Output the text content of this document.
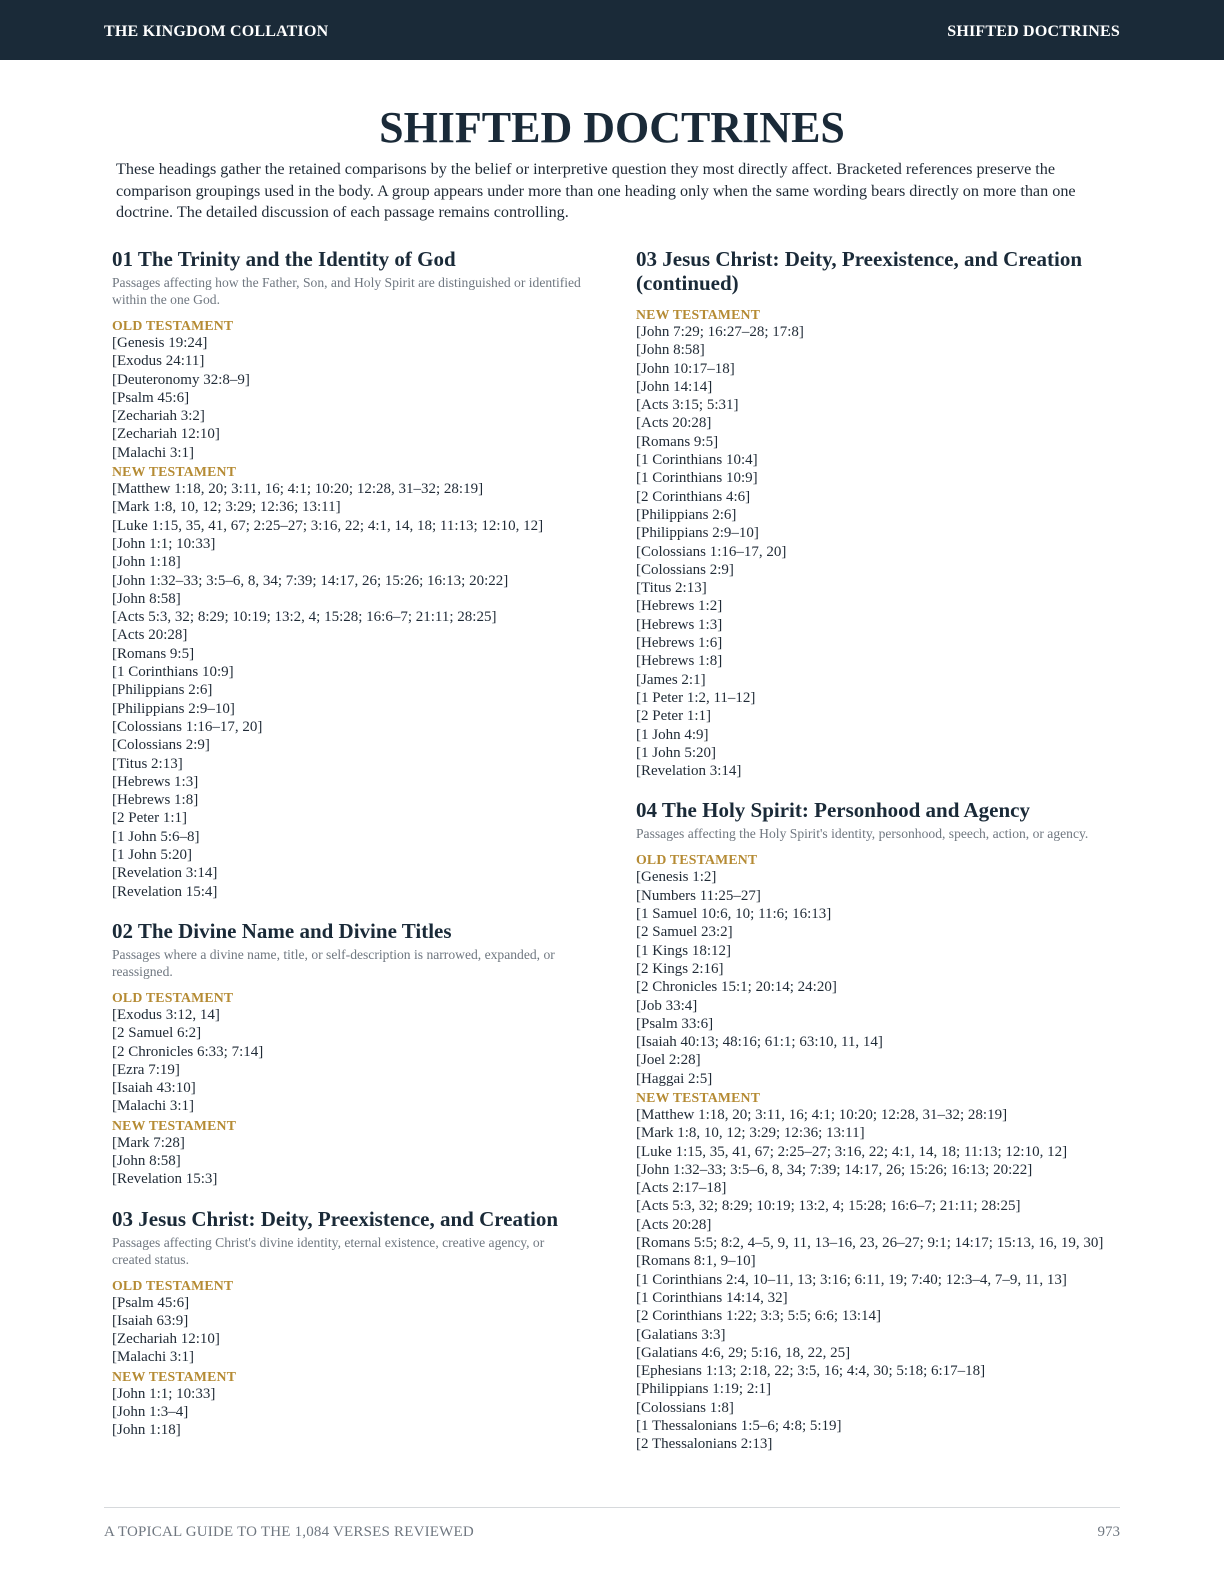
THE KINGDOM COLLATION	SHIFTED DOCTRINES
SHIFTED DOCTRINES

These headings gather the retained comparisons by the belief or interpretive question they most directly affect. Bracketed references preserve the comparison groupings used in the body. A group appears under more than one heading only when the same wording bears directly on more than one doctrine. The detailed discussion of each passage remains controlling.

01 The Trinity and the Identity of God

Passages affecting how the Father, Son, and Holy Spirit are distinguished or identified within the one God.

OLD TESTAMENT
[Genesis 19:24]
[Exodus 24:11]
[Deuteronomy 32:8–9]
[Psalm 45:6]
[Zechariah 3:2]
[Zechariah 12:10]
[Malachi 3:1]
NEW TESTAMENT
[Matthew 1:18, 20; 3:11, 16; 4:1; 10:20; 12:28, 31–32; 28:19]
[Mark 1:8, 10, 12; 3:29; 12:36; 13:11]
[Luke 1:15, 35, 41, 67; 2:25–27; 3:16, 22; 4:1, 14, 18; 11:13; 12:10, 12]
[John 1:1; 10:33]
[John 1:18]
[John 1:32–33; 3:5–6, 8, 34; 7:39; 14:17, 26; 15:26; 16:13; 20:22]
[John 8:58]
[Acts 5:3, 32; 8:29; 10:19; 13:2, 4; 15:28; 16:6–7; 21:11; 28:25]
[Acts 20:28]
[Romans 9:5]
[1 Corinthians 10:9]
[Philippians 2:6]
[Philippians 2:9–10]
[Colossians 1:16–17, 20]
[Colossians 2:9]
[Titus 2:13]
[Hebrews 1:3]
[Hebrews 1:8]
[2 Peter 1:1]
[1 John 5:6–8]
[1 John 5:20]
[Revelation 3:14]
[Revelation 15:4]
02 The Divine Name and Divine Titles

Passages where a divine name, title, or self-description is narrowed, expanded, or reassigned.

OLD TESTAMENT
[Exodus 3:12, 14]
[2 Samuel 6:2]
[2 Chronicles 6:33; 7:14]
[Ezra 7:19]
[Isaiah 43:10]
[Malachi 3:1]
NEW TESTAMENT
[Mark 7:28]
[John 8:58]
[Revelation 15:3]
03 Jesus Christ: Deity, Preexistence, and Creation

Passages affecting Christ's divine identity, eternal existence, creative agency, or created status.

OLD TESTAMENT
[Psalm 45:6]
[Isaiah 63:9]
[Zechariah 12:10]
[Malachi 3:1]
NEW TESTAMENT
[John 1:1; 10:33]
[John 1:3–4]
[John 1:18]
03 Jesus Christ: Deity, Preexistence, and Creation (continued)
NEW TESTAMENT
[John 7:29; 16:27–28; 17:8]
[John 8:58]
[John 10:17–18]
[John 14:14]
[Acts 3:15; 5:31]
[Acts 20:28]
[Romans 9:5]
[1 Corinthians 10:4]
[1 Corinthians 10:9]
[2 Corinthians 4:6]
[Philippians 2:6]
[Philippians 2:9–10]
[Colossians 1:16–17, 20]
[Colossians 2:9]
[Titus 2:13]
[Hebrews 1:2]
[Hebrews 1:3]
[Hebrews 1:6]
[Hebrews 1:8]
[James 2:1]
[1 Peter 1:2, 11–12]
[2 Peter 1:1]
[1 John 4:9]
[1 John 5:20]
[Revelation 3:14]
04 The Holy Spirit: Personhood and Agency

Passages affecting the Holy Spirit's identity, personhood, speech, action, or agency.

OLD TESTAMENT
[Genesis 1:2]
[Numbers 11:25–27]
[1 Samuel 10:6, 10; 11:6; 16:13]
[2 Samuel 23:2]
[1 Kings 18:12]
[2 Kings 2:16]
[2 Chronicles 15:1; 20:14; 24:20]
[Job 33:4]
[Psalm 33:6]
[Isaiah 40:13; 48:16; 61:1; 63:10, 11, 14]
[Joel 2:28]
[Haggai 2:5]
NEW TESTAMENT
[Matthew 1:18, 20; 3:11, 16; 4:1; 10:20; 12:28, 31–32; 28:19]
[Mark 1:8, 10, 12; 3:29; 12:36; 13:11]
[Luke 1:15, 35, 41, 67; 2:25–27; 3:16, 22; 4:1, 14, 18; 11:13; 12:10, 12]
[John 1:32–33; 3:5–6, 8, 34; 7:39; 14:17, 26; 15:26; 16:13; 20:22]
[Acts 2:17–18]
[Acts 5:3, 32; 8:29; 10:19; 13:2, 4; 15:28; 16:6–7; 21:11; 28:25]
[Acts 20:28]
[Romans 5:5; 8:2, 4–5, 9, 11, 13–16, 23, 26–27; 9:1; 14:17; 15:13, 16, 19, 30]
[Romans 8:1, 9–10]
[1 Corinthians 2:4, 10–11, 13; 3:16; 6:11, 19; 7:40; 12:3–4, 7–9, 11, 13]
[1 Corinthians 14:14, 32]
[2 Corinthians 1:22; 3:3; 5:5; 6:6; 13:14]
[Galatians 3:3]
[Galatians 4:6, 29; 5:16, 18, 22, 25]
[Ephesians 1:13; 2:18, 22; 3:5, 16; 4:4, 30; 5:18; 6:17–18]
[Philippians 1:19; 2:1]
[Colossians 1:8]
[1 Thessalonians 1:5–6; 4:8; 5:19]
[2 Thessalonians 2:13]
A TOPICAL GUIDE TO THE 1,084 VERSES REVIEWED	973
